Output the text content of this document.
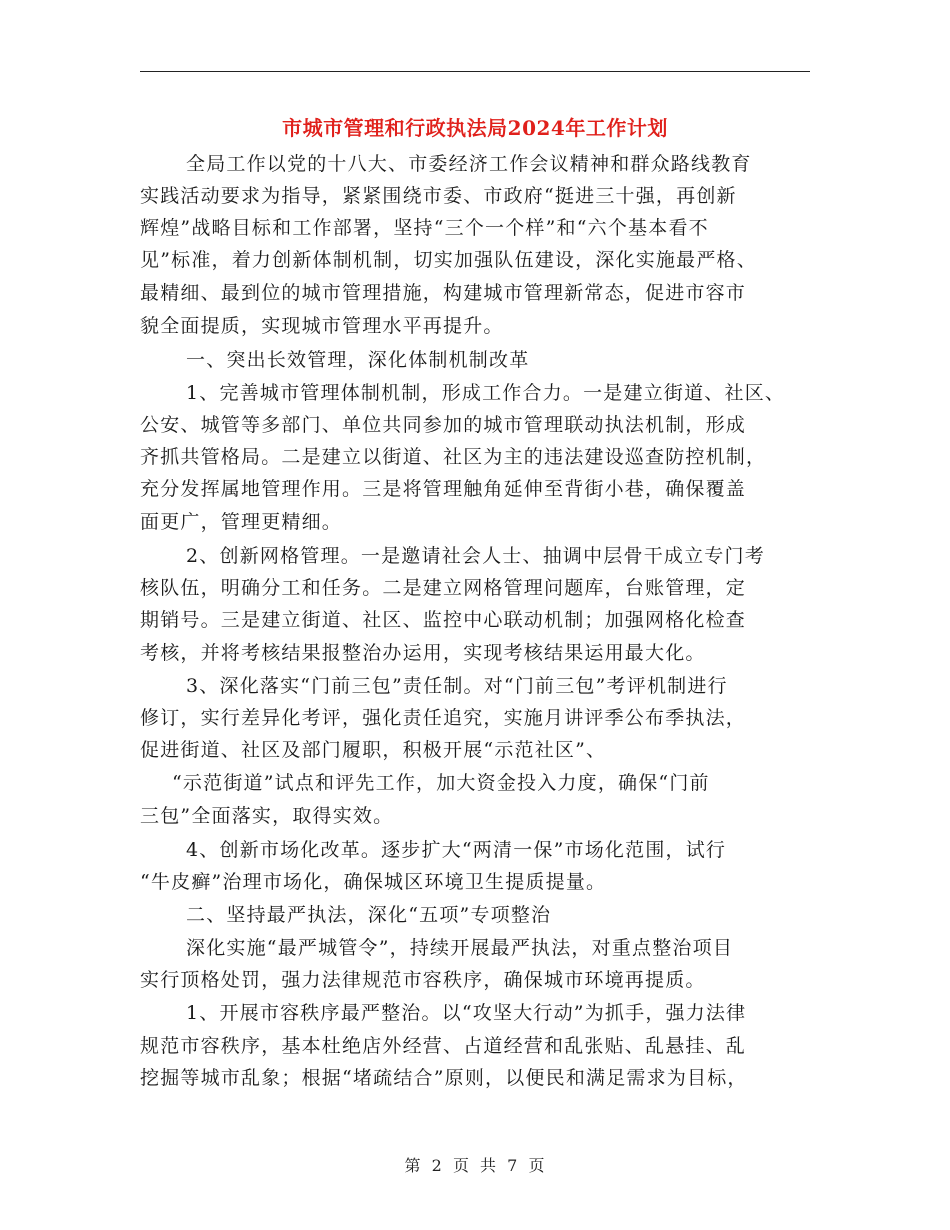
市城市管理和行政执法局2024年工作计划
全局工作以党的十八大、市委经济工作会议精神和群众路线教育
实践活动要求为指导，紧紧围绕市委、市政府“挺进三十强，再创新
辉煌”战略目标和工作部署，坚持“三个一个样”和“六个基本看不
见”标准，着力创新体制机制，切实加强队伍建设，深化实施最严格、
最精细、最到位的城市管理措施，构建城市管理新常态，促进市容市
貌全面提质，实现城市管理水平再提升。
一、突出长效管理，深化体制机制改革
1、完善城市管理体制机制，形成工作合力。一是建立街道、社区、
公安、城管等多部门、单位共同参加的城市管理联动执法机制，形成
齐抓共管格局。二是建立以街道、社区为主的违法建设巡查防控机制，
充分发挥属地管理作用。三是将管理触角延伸至背街小巷，确保覆盖
面更广，管理更精细。
2、创新网格管理。一是邀请社会人士、抽调中层骨干成立专门考
核队伍，明确分工和任务。二是建立网格管理问题库，台账管理，定
期销号。三是建立街道、社区、监控中心联动机制；加强网格化检查
考核，并将考核结果报整治办运用，实现考核结果运用最大化。
3、深化落实“门前三包”责任制。对“门前三包”考评机制进行
修订，实行差异化考评，强化责任追究，实施月讲评季公布季执法，
促进街道、社区及部门履职，积极开展“示范社区”、
“示范街道”试点和评先工作，加大资金投入力度，确保“门前
三包”全面落实，取得实效。
4、创新市场化改革。逐步扩大“两清一保”市场化范围，试行
“牛皮癣”治理市场化，确保城区环境卫生提质提量。
二、坚持最严执法，深化“五项”专项整治
深化实施“最严城管令”，持续开展最严执法，对重点整治项目
实行顶格处罚，强力法律规范市容秩序，确保城市环境再提质。
1、开展市容秩序最严整治。以“攻坚大行动”为抓手，强力法律
规范市容秩序，基本杜绝店外经营、占道经营和乱张贴、乱悬挂、乱
挖掘等城市乱象；根据“堵疏结合”原则，以便民和满足需求为目标，
第 2 页 共 7 页
